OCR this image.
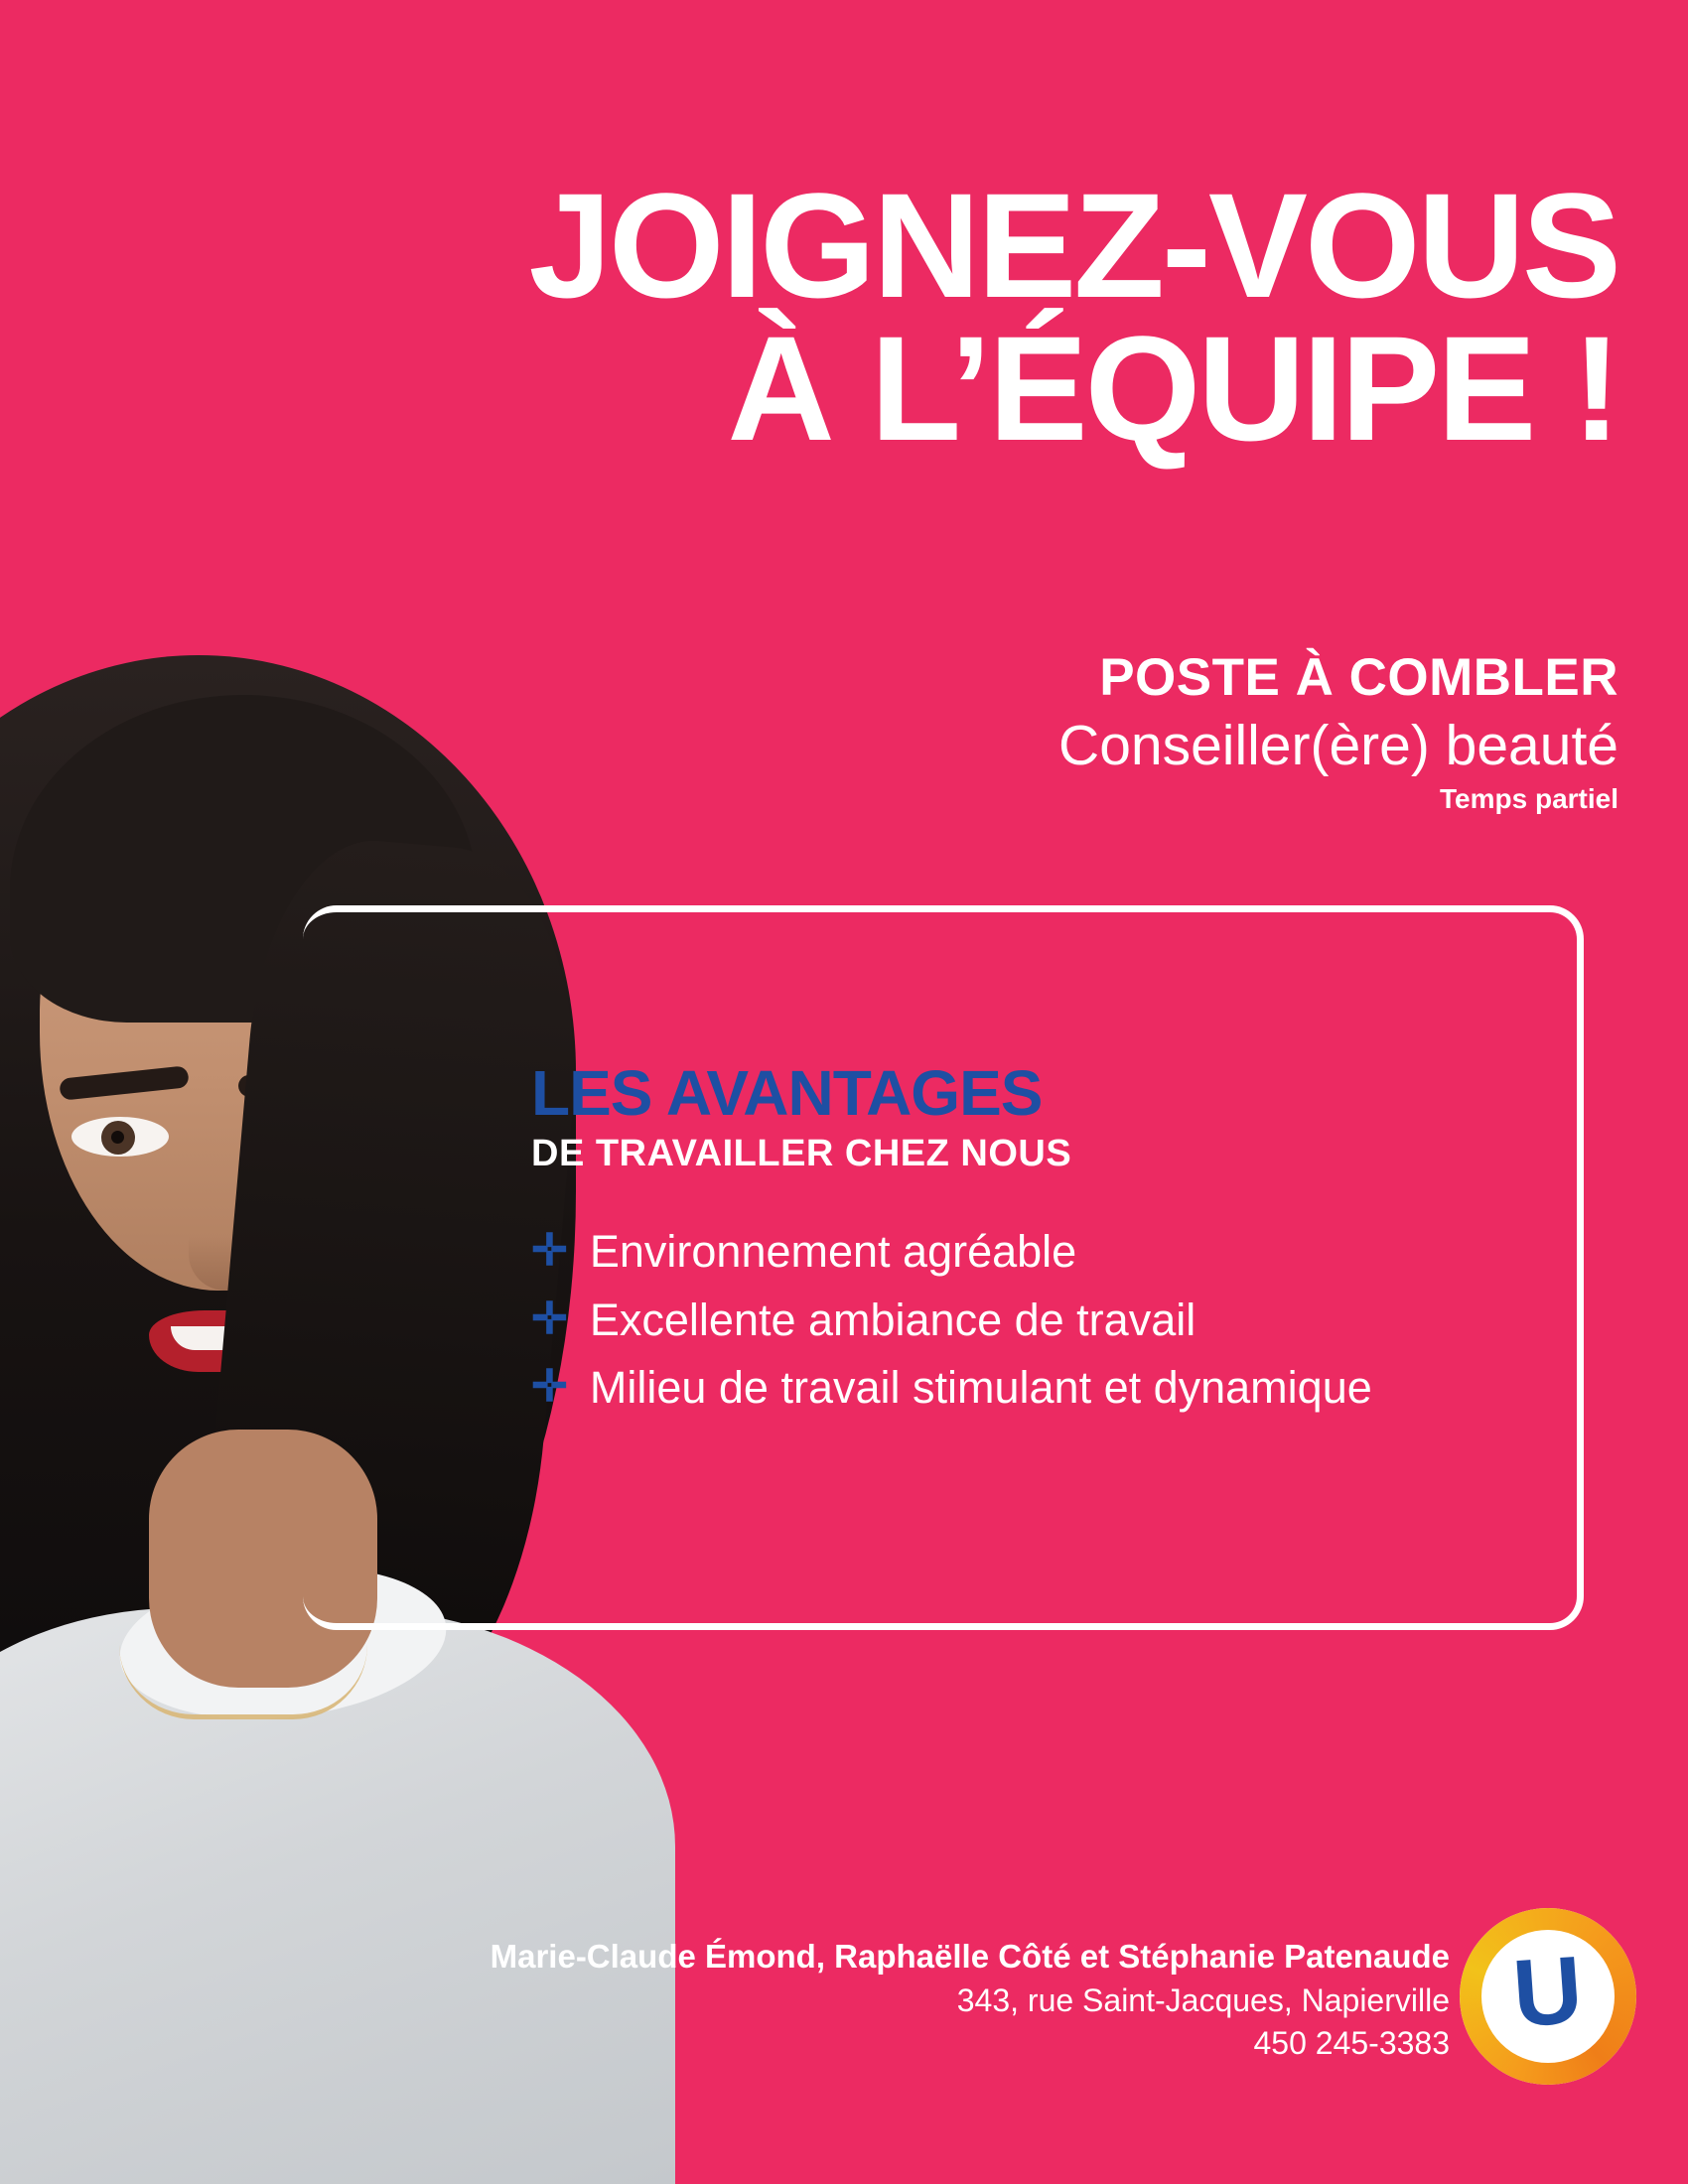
JOIGNEZ-VOUS
À L’ÉQUIPE !
POSTE À COMBLER
Conseiller(ère) beauté
Temps partiel
LES AVANTAGES
DE TRAVAILLER CHEZ NOUS
✛ Environnement agréable
✛ Excellente ambiance de travail
✛ Milieu de travail stimulant et dynamique
Marie-Claude Émond, Raphaëlle Côté et Stéphanie Patenaude
343, rue Saint-Jacques, Napierville
450 245-3383 U
